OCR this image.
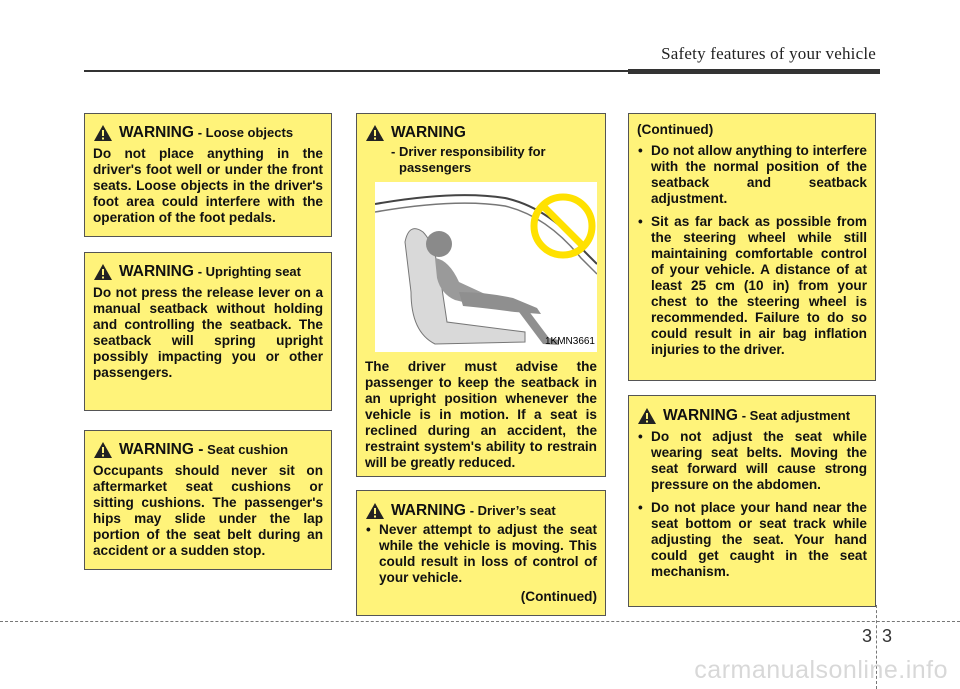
Safety features of your vehicle
WARNING - Loose objects

Do not place anything in the driver's foot well or under the front seats. Loose objects in the driver's foot area could interfere with the operation of the foot pedals.

WARNING - Uprighting seat

Do not press the release lever on a manual seatback without holding and controlling the seatback. The seatback will spring upright possibly impacting you or other passengers.

WARNING - Seat cushion

Occupants should never sit on aftermarket seat cushions or sitting cushions. The passenger's hips may slide under the lap portion of the seat belt during an accident or a sudden stop.

WARNING
- Driver responsibility for passengers
1KMN3661

The driver must advise the passenger to keep the seatback in an upright position whenever the vehicle is in motion. If a seat is reclined during an accident, the restraint system's ability to restrain will be greatly reduced.

WARNING - Driver’s seat
• Never attempt to adjust the seat while the vehicle is moving. This could result in loss of control of your vehicle.

(Continued)

(Continued)

• Do not allow anything to interfere with the normal position of the seatback and seatback adjustment.
• Sit as far back as possible from the steering wheel while still maintaining comfortable control of your vehicle. A distance of at least 25 cm (10 in) from your chest to the steering wheel is recommended. Failure to do so could result in air bag inflation injuries to the driver.
WARNING - Seat adjustment
• Do not adjust the seat while wearing seat belts. Moving the seat forward will cause strong pressure on the abdomen.
• Do not place your hand near the seat bottom or seat track while adjusting the seat. Your hand could get caught in the seat mechanism.
3 3
carmanualsonline.info
